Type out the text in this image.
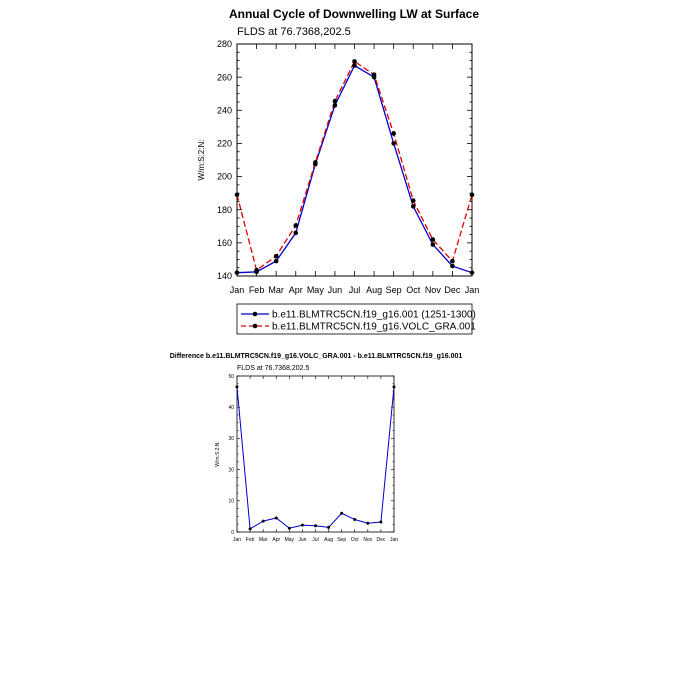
Annual Cycle of Downwelling LW at Surface
FLDS at 76.7368,202.5
W/m:S:2:N:
140
160
180
200
220
240
260
280
Jan Feb Mar Apr May Jun Jul Aug Sep Oct Nov Dec Jan
b.e11.BLMTRC5CN.f19_g16.001 (1251-1300)
b.e11.BLMTRC5CN.f19_g16.VOLC_GRA.001
Difference b.e11.BLMTRC5CN.f19_g16.VOLC_GRA.001 - b.e11.BLMTRC5CN.f19_g16.001
FLDS at 76.7368,202.5
W/m:S:2:N:
0
10
20
30
40
50
Jan Feb Mar Apr May Jun Jul Aug Sep Oct Nov Dec Jan
